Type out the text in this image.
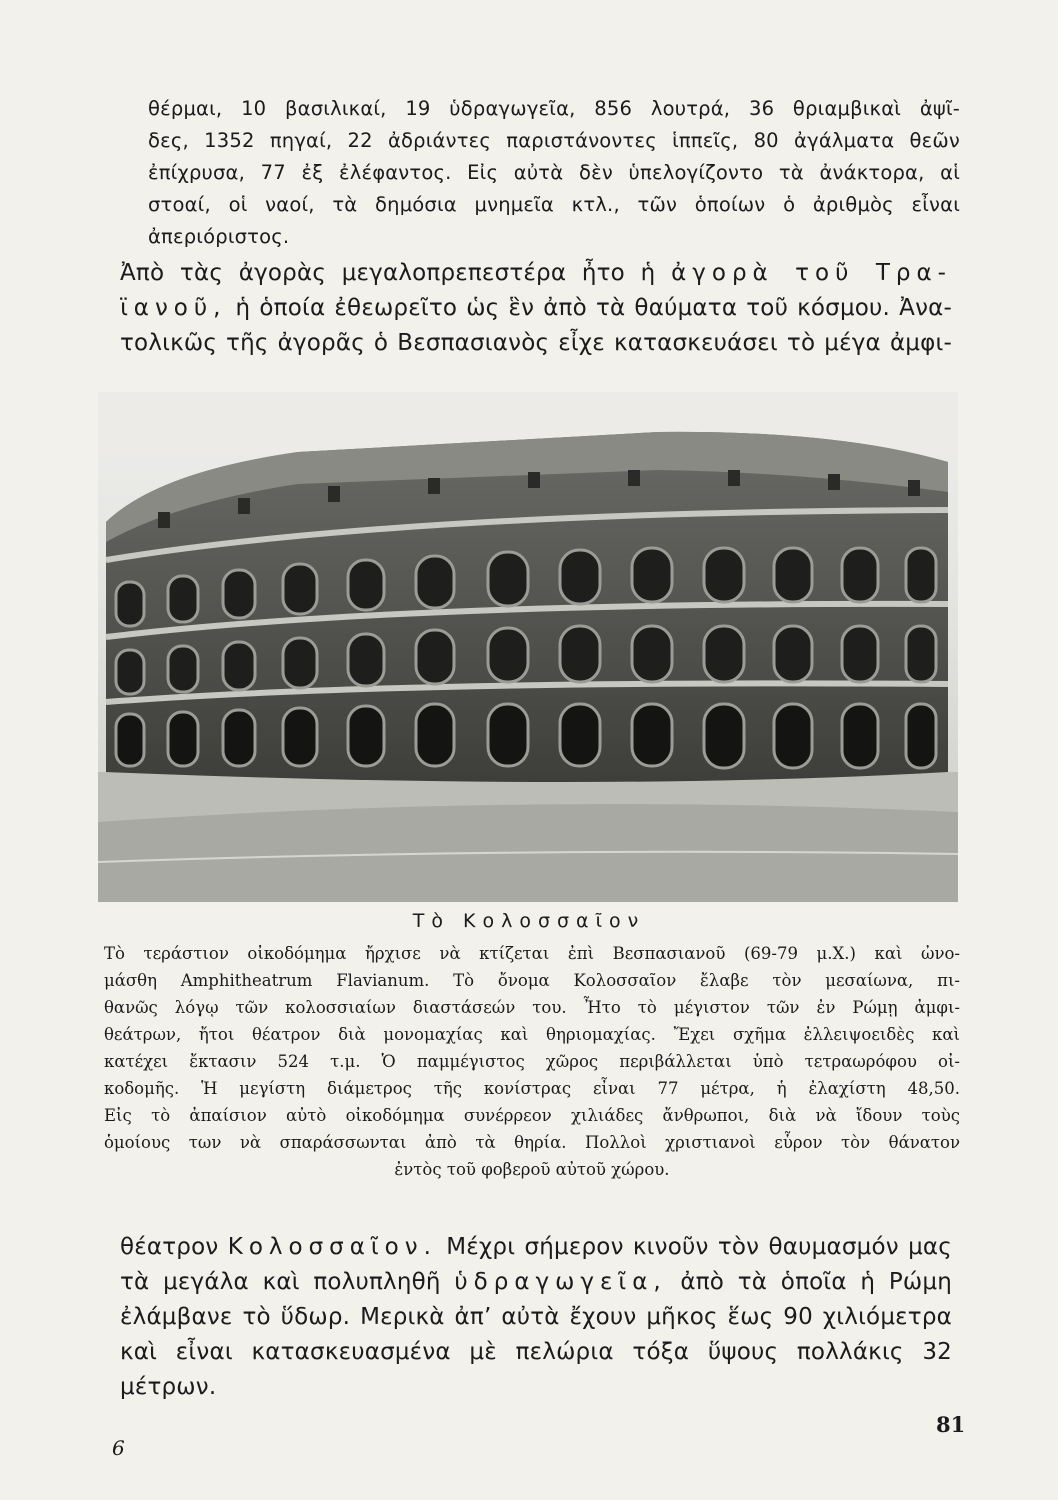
θέρμαι, 10 βασιλικαί, 19 ὑδραγωγεῖα, 856 λουτρά, 36 θριαμβικαὶ ἀψῖ-
δες, 1352 πηγαί, 22 ἀδριάντες παριστάνοντες ἱππεῖς, 80 ἀγάλματα θεῶν
ἐπίχρυσα, 77 ἐξ ἐλέφαντος. Εἰς αὐτὰ δὲν ὑπελογίζοντο τὰ ἀνάκτορα, αἱ
στοαί, οἱ ναοί, τὰ δημόσια μνημεῖα κτλ., τῶν ὁποίων ὁ ἀριθμὸς εἶναι
ἀπεριόριστος.
Ἀπὸ τὰς ἀγορὰς μεγαλοπρεπεστέρα ἦτο ἡ ἀγορὰ τοῦ Τρα-
ϊανοῦ, ἡ ὁποία ἐθεωρεῖτο ὡς ἓν ἀπὸ τὰ θαύματα τοῦ κόσμου. Ἀνα-
τολικῶς τῆς ἀγορᾶς ὁ Βεσπασιανὸς εἶχε κατασκευάσει τὸ μέγα ἀμφι-
Τὸ Κολοσσαῖον
Τὸ τεράστιον οἰκοδόμημα ἤρχισε νὰ κτίζεται ἐπὶ Βεσπασιανοῦ (69-79 μ.Χ.) καὶ ὠνο-
μάσθη Amphitheatrum Flavianum. Τὸ ὄνομα Κολοσσαῖον ἔλαβε τὸν μεσαίωνα, πι-
θανῶς λόγῳ τῶν κολοσσιαίων διαστάσεών του. Ἦτο τὸ μέγιστον τῶν ἐν Ρώμῃ ἀμφι-
θεάτρων, ἤτοι θέατρον διὰ μονομαχίας καὶ θηριομαχίας. Ἔχει σχῆμα ἐλλειψοειδὲς καὶ
κατέχει ἔκτασιν 524 τ.μ. Ὁ παμμέγιστος χῶρος περιβάλλεται ὑπὸ τετραωρόφου οἰ-
κοδομῆς. Ἡ μεγίστη διάμετρος τῆς κονίστρας εἶναι 77 μέτρα, ἡ ἐλαχίστη 48,50.
Εἰς τὸ ἀπαίσιον αὐτὸ οἰκοδόμημα συνέρρεον χιλιάδες ἄνθρωποι, διὰ νὰ ἴδουν τοὺς
ὁμοίους των νὰ σπαράσσωνται ἀπὸ τὰ θηρία. Πολλοὶ χριστιανοὶ εὗρον τὸν θάνατον
ἐντὸς τοῦ φοβεροῦ αὐτοῦ χώρου.
θέατρον Κολοσσαῖον. Μέχρι σήμερον κινοῦν τὸν θαυμασμόν μας
τὰ μεγάλα καὶ πολυπληθῆ ὑδραγωγεῖα, ἀπὸ τὰ ὁποῖα ἡ Ρώμη
ἐλάμβανε τὸ ὕδωρ. Μερικὰ ἀπ’ αὐτὰ ἔχουν μῆκος ἕως 90 χιλιόμετρα
καὶ εἶναι κατασκευασμένα μὲ πελώρια τόξα ὕψους πολλάκις 32 μέτρων.
6
81
